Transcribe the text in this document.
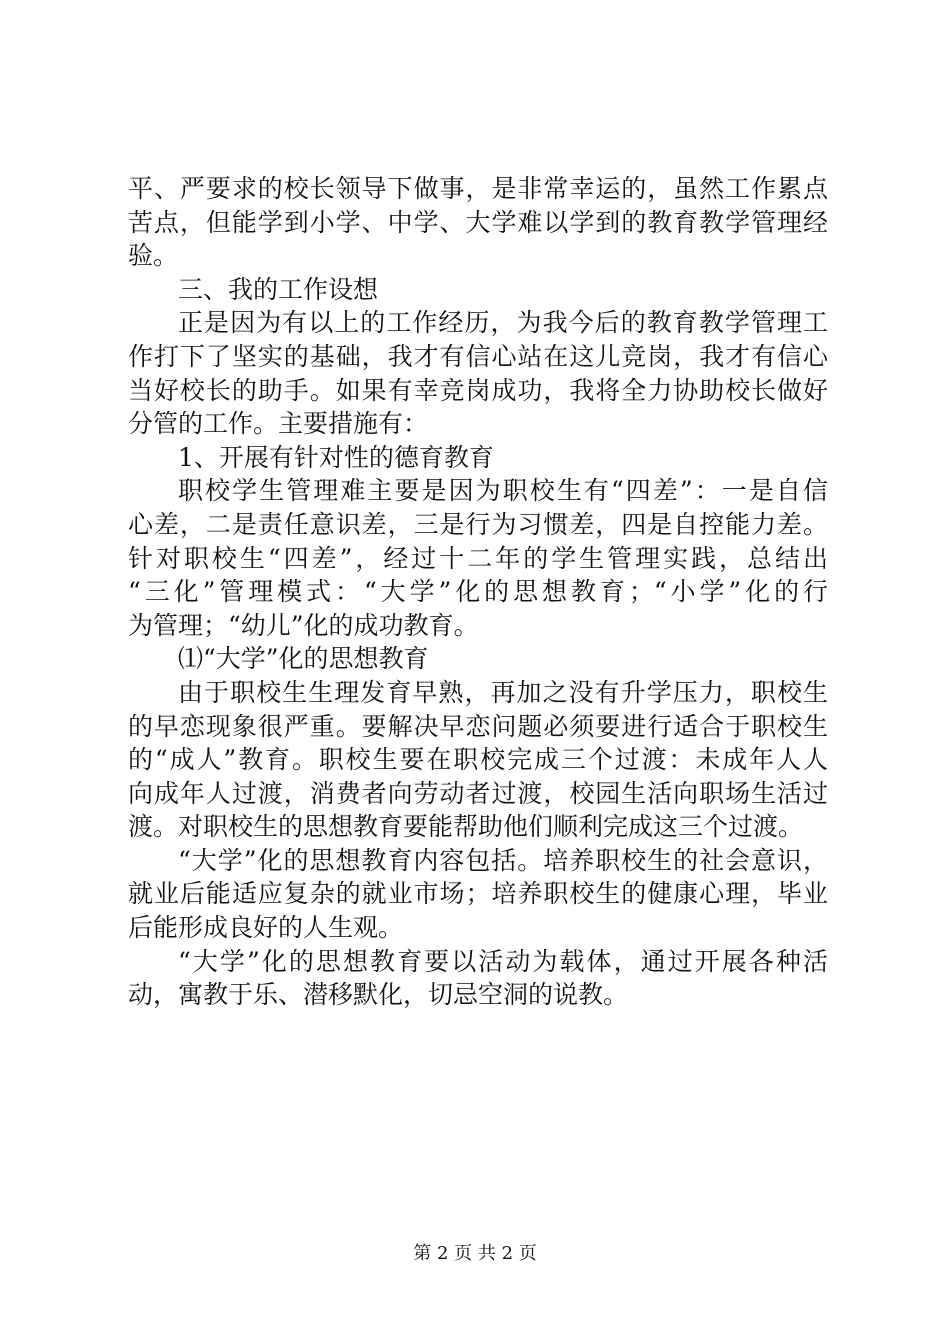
平、严要求的校长领导下做事，是非常幸运的，虽然工作累点
苦点，但能学到小学、中学、大学难以学到的教育教学管理经
验。
三、我的工作设想
正是因为有以上的工作经历，为我今后的教育教学管理工
作打下了坚实的基础，我才有信心站在这儿竞岗，我才有信心
当好校长的助手。如果有幸竞岗成功，我将全力协助校长做好
分管的工作。主要措施有：
1、开展有针对性的德育教育
职校学生管理难主要是因为职校生有“四差”：一是自信
心差，二是责任意识差，三是行为习惯差，四是自控能力差。
针对职校生“四差”，经过十二年的学生管理实践，总结出
“三化”管理模式：“大学”化的思想教育；“小学”化的行
为管理；“幼儿”化的成功教育。
⑴“大学”化的思想教育
由于职校生生理发育早熟，再加之没有升学压力，职校生
的早恋现象很严重。要解决早恋问题必须要进行适合于职校生
的“成人”教育。职校生要在职校完成三个过渡：未成年人人
向成年人过渡，消费者向劳动者过渡，校园生活向职场生活过
渡。对职校生的思想教育要能帮助他们顺利完成这三个过渡。
“大学”化的思想教育内容包括。培养职校生的社会意识，
就业后能适应复杂的就业市场；培养职校生的健康心理，毕业
后能形成良好的人生观。
“大学”化的思想教育要以活动为载体，通过开展各种活
动，寓教于乐、潜移默化，切忌空洞的说教。
第 2 页 共 2 页
